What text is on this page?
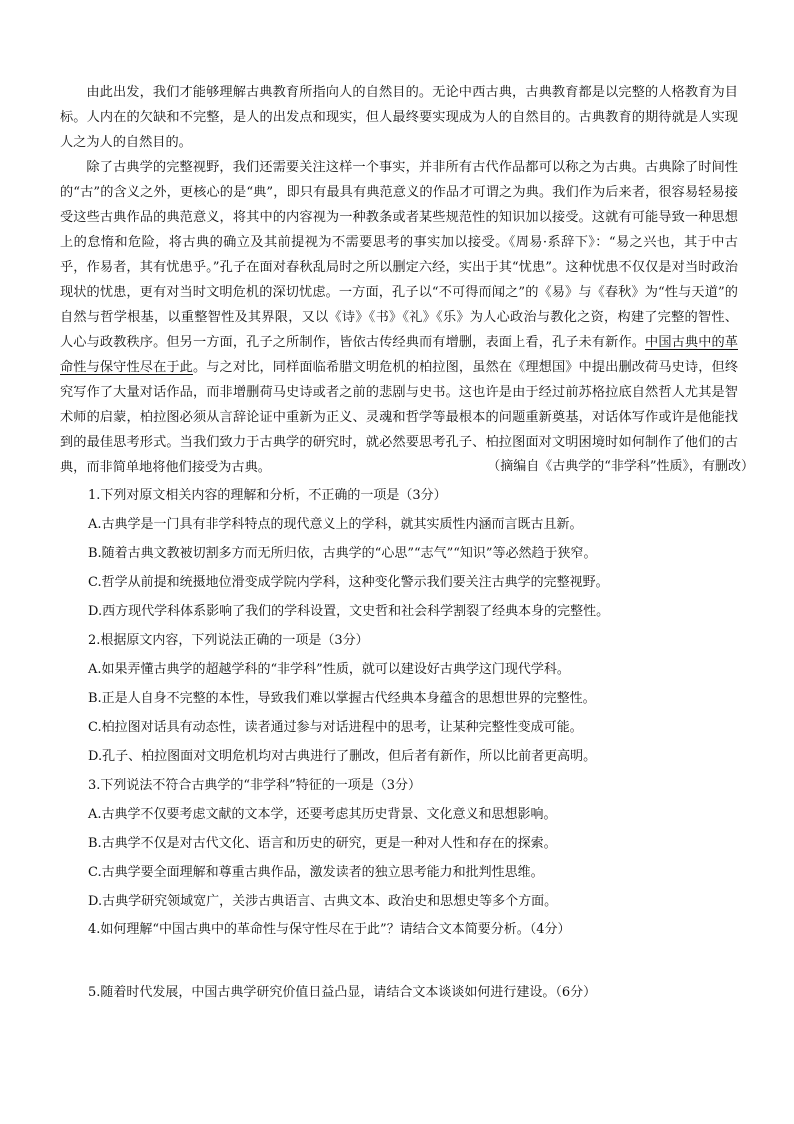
由此出发，我们才能够理解古典教育所指向人的自然目的。无论中西古典，古典教育都是以完整的人格教育为目标。人内在的欠缺和不完整，是人的出发点和现实，但人最终要实现成为人的自然目的。古典教育的期待就是人实现人之为人的自然目的。

除了古典学的完整视野，我们还需要关注这样一个事实，并非所有古代作品都可以称之为古典。古典除了时间性的“古”的含义之外，更核心的是“典”，即只有最具有典范意义的作品才可谓之为典。我们作为后来者，很容易轻易接受这些古典作品的典范意义，将其中的内容视为一种教条或者某些规范性的知识加以接受。这就有可能导致一种思想上的怠惰和危险，将古典的确立及其前提视为不需要思考的事实加以接受。《周易·系辞下》：“易之兴也，其于中古乎，作易者，其有忧患乎。”孔子在面对春秋乱局时之所以删定六经，实出于其“忧患”。这种忧患不仅仅是对当时政治现状的忧患，更有对当时文明危机的深切忧虑。一方面，孔子以“不可得而闻之”的《易》与《春秋》为“性与天道”的自然与哲学根基，以重整智性及其界限，又以《诗》《书》《礼》《乐》为人心政治与教化之资，构建了完整的智性、人心与政教秩序。但另一方面，孔子之所制作，皆依古传经典而有增删，表面上看，孔子未有新作。中国古典中的革命性与保守性尽在于此。与之对比，同样面临希腊文明危机的柏拉图，虽然在《理想国》中提出删改荷马史诗，但终究写作了大量对话作品，而非增删荷马史诗或者之前的悲剧与史书。这也许是由于经过前苏格拉底自然哲人尤其是智术师的启蒙，柏拉图必须从言辞论证中重新为正义、灵魂和哲学等最根本的问题重新奠基，对话体写作或许是他能找到的最佳思考形式。当我们致力于古典学的研究时，就必然要思考孔子、柏拉图面对文明困境时如何制作了他们的古典，而非简单地将他们接受为古典。	（摘编自《古典学的“非学科”性质》，有删改）

1.下列对原文相关内容的理解和分析，不正确的一项是（3分）

A.古典学是一门具有非学科特点的现代意义上的学科，就其实质性内涵而言既古且新。

B.随着古典文教被切割多方而无所归依，古典学的“心思”“志气”“知识”等必然趋于狭窄。

C.哲学从前提和统摄地位滑变成学院内学科，这种变化警示我们要关注古典学的完整视野。

D.西方现代学科体系影响了我们的学科设置，文史哲和社会科学割裂了经典本身的完整性。

2.根据原文内容，下列说法正确的一项是（3分）

A.如果弄懂古典学的超越学科的“非学科”性质，就可以建设好古典学这门现代学科。

B.正是人自身不完整的本性，导致我们难以掌握古代经典本身蕴含的思想世界的完整性。

C.柏拉图对话具有动态性，读者通过参与对话进程中的思考，让某种完整性变成可能。

D.孔子、柏拉图面对文明危机均对古典进行了删改，但后者有新作，所以比前者更高明。

3.下列说法不符合古典学的“非学科”特征的一项是（3分）

A.古典学不仅要考虑文献的文本学，还要考虑其历史背景、文化意义和思想影响。

B.古典学不仅是对古代文化、语言和历史的研究，更是一种对人性和存在的探索。

C.古典学要全面理解和尊重古典作品，激发读者的独立思考能力和批判性思维。

D.古典学研究领域宽广，关涉古典语言、古典文本、政治史和思想史等多个方面。

4.如何理解“中国古典中的革命性与保守性尽在于此”？请结合文本简要分析。（4分）

5.随着时代发展，中国古典学研究价值日益凸显，请结合文本谈谈如何进行建设。（6分）
